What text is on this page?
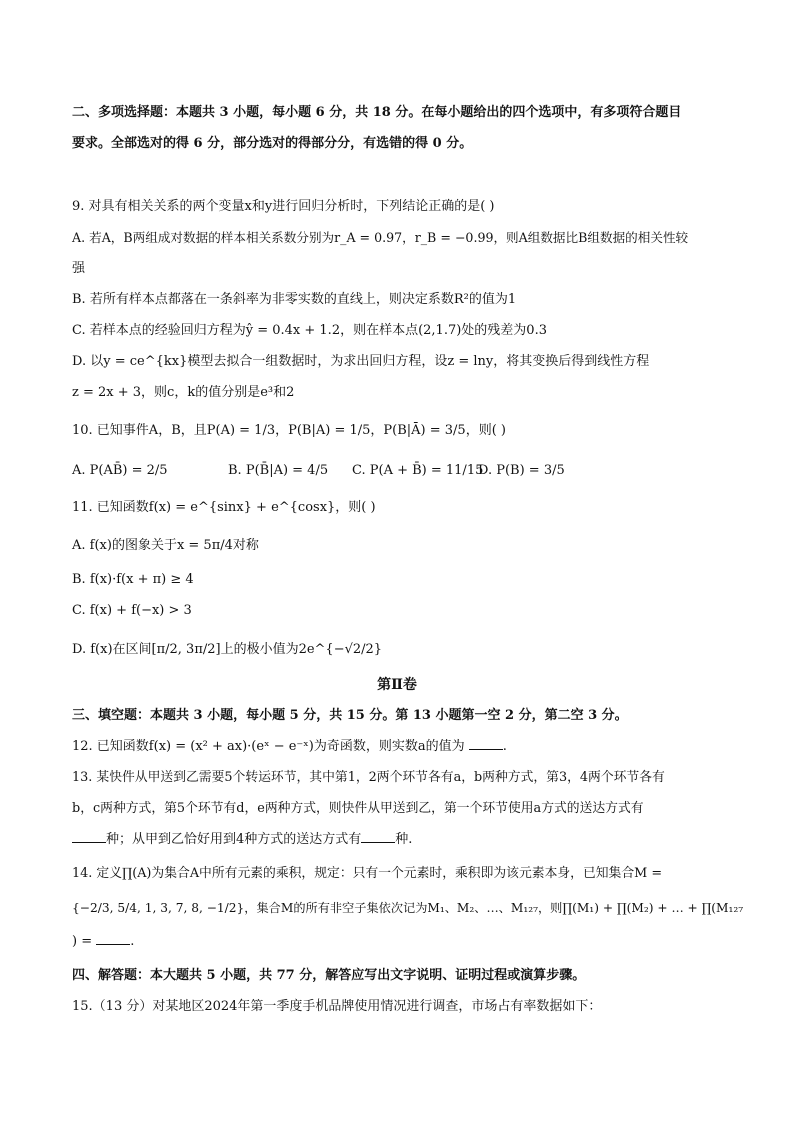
二、多项选择题：本题共 3 小题，每小题 6 分，共 18 分。在每小题给出的四个选项中，有多项符合题目
要求。全部选对的得 6 分，部分选对的得部分分，有选错的得 0 分。
9. 对具有相关关系的两个变量x和y进行回归分析时，下列结论正确的是( )
A. 若A，B两组成对数据的样本相关系数分别为r_A = 0.97，r_B = −0.99，则A组数据比B组数据的相关性较
强
B. 若所有样本点都落在一条斜率为非零实数的直线上，则决定系数R²的值为1
C. 若样本点的经验回归方程为ŷ = 0.4x + 1.2，则在样本点(2,1.7)处的残差为0.3
D. 以y = ce^{kx}模型去拟合一组数据时，为求出回归方程，设z = lny，将其变换后得到线性方程
z = 2x + 3，则c，k的值分别是e³和2
10. 已知事件A，B，且P(A) = 1/3，P(B|A) = 1/5，P(B|Ā) = 3/5，则( )
A. P(AB̄) = 2/5	B. P(B̄|A) = 4/5 C. P(A + B̄) = 11/15
D. P(B) = 3/5
11. 已知函数f(x) = e^{sinx} + e^{cosx}，则( )
A. f(x)的图象关于x = 5π/4对称
B. f(x)·f(x + π) ≥ 4
C. f(x) + f(−x) > 3
D. f(x)在区间[π/2, 3π/2]上的极小值为2e^{−√2/2}
第Ⅱ卷
三、填空题：本题共 3 小题，每小题 5 分，共 15 分。第 13 小题第一空 2 分，第二空 3 分。
12. 已知函数f(x) = (x² + ax)·(eˣ − e⁻ˣ)为奇函数，则实数a的值为	.
13. 某快件从甲送到乙需要5个转运环节，其中第1，2两个环节各有a，b两种方式，第3，4两个环节各有
b，c两种方式，第5个环节有d，e两种方式，则快件从甲送到乙，第一个环节使用a方式的送达方式有
种；从甲到乙恰好用到4种方式的送达方式有	种.
14. 定义∏(A)为集合A中所有元素的乘积，规定：只有一个元素时，乘积即为该元素本身，已知集合M =
{−2/3, 5/4, 1, 3, 7, 8, −1/2}，集合M的所有非空子集依次记为M₁、M₂、…、M₁₂₇，则∏(M₁) + ∏(M₂) + … + ∏(M₁₂₇
) =	.
四、解答题：本大题共 5 小题，共 77 分，解答应写出文字说明、证明过程或演算步骤。
15.（13 分）对某地区2024年第一季度手机品牌使用情况进行调查，市场占有率数据如下：
